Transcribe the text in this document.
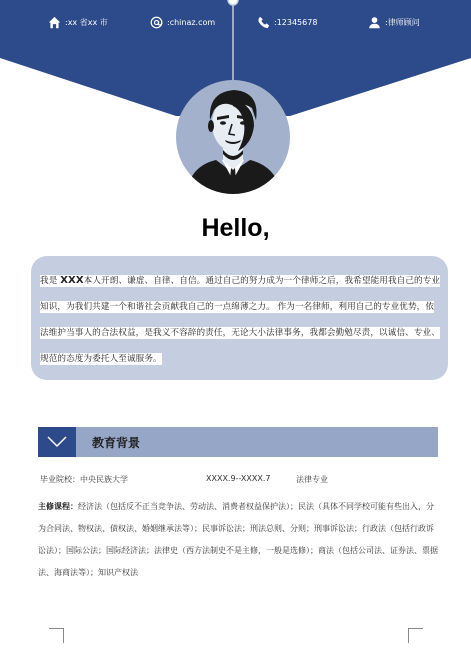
:xx 省xx 市	:chinaz.com	:12345678	:律师顾问
Hello,
我是 XXX本人开朗、谦虚、自律、自信。通过自己的努力成为一个律师之后，我希望能用我自己的专业知识，为我们共建一个和谐社会贡献我自己的一点绵薄之力。 作为一名律师，利用自己的专业优势，依法维护当事人的合法权益，是我义不容辞的责任，无论大小法律事务，我都会勤勉尽责，以诚信、专业、规范的态度为委托人至诚服务。
教育背景
毕业院校：中央民族大学	XXXX.9--XXXX.7	法律专业
主修课程：经济法（包括反不正当竞争法、劳动法、消费者权益保护法）；民法（具体不同学校可能有些出入，分为合同法、物权法、债权法、婚姻继承法等）；民事诉讼法；刑法总则、分则；刑事诉讼法；行政法（包括行政诉讼法）；国际公法；国际经济法；法律史（西方法制史不是主修，一般是选修）；商法（包括公司法、证券法、票据法、海商法等）；知识产权法
